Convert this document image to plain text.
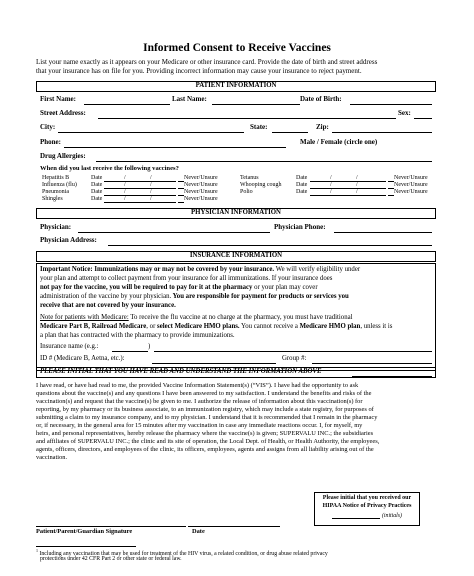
Informed Consent to Receive Vaccines
List your name exactly as it appears on your Medicare or other insurance card. Provide the date of birth and street address
that your insurance has on file for you. Providing incorrect information may cause your insurance to reject payment.
PATIENT INFORMATION
First Name:	Last Name:	Date of Birth:
Street Address:	Sex:
City:	State:	Zip:
Phone:	Male / Female (circle one)
Drug Allergies:
When did you last receive the following vaccines?
Hepatitis B	Date	/	/	Never/Unsure
Influenza (flu) Date	/	/	Never/Unsure
Pneumonia	Date	/	/	Never/Unsure
Shingles	Date	/	/	Never/Unsure
Tetanus	Date	/	/	Never/Unsure
Whooping cough Date	/	/	Never/Unsure
Polio	Date	/	/	Never/Unsure
PHYSICIAN INFORMATION
Physician:	Physician Phone:
Physician Address:
INSURANCE INFORMATION
Important Notice: Immunizations may or may not be covered by your insurance. We will verify eligibility under
your plan and attempt to collect payment from your insurance for all immunizations. If your insurance does
not pay for the vaccine, you will be required to pay for it at the pharmacy or your plan may cover
administration of the vaccine by your physician. You are responsible for payment for products or services you
receive that are not covered by your insurance.
Note for patients with Medicare: To receive the flu vaccine at no charge at the pharmacy, you must have traditional
Medicare Part B, Railroad Medicare, or select Medicare HMO plans. You cannot receive a Medicare HMO plan, unless it is
a plan that has contracted with the pharmacy to provide immunizations.
Insurance name (e.g.:	)
ID # (Medicare B, Aetna, etc.):	Group #:
PLEASE INITIAL THAT YOU HAVE READ AND UNDERSTAND THE INFORMATION ABOVE
I have read, or have had read to me, the provided Vaccine Information Statement(s) (“VIS”). I have had the opportunity to ask
questions about the vaccine(s) and any questions I have been answered to my satisfaction. I understand the benefits and risks of the
vaccination(s) and request that the vaccine(s) be given to me. I authorize the release of information about this vaccination(s) for
reporting, by my pharmacy or its business associate, to an immunization registry, which may include a state registry, for purposes of
submitting a claim to my insurance company, and to my physician. I understand that it is recommended that I remain in the pharmacy
or, if necessary, in the general area for 15 minutes after my vaccination in case any immediate reactions occur. I, for myself, my
heirs, and personal representatives, hereby release the pharmacy where the vaccine(s) is given; SUPERVALU INC.; the subsidiaries
and affiliates of SUPERVALU INC.; the clinic and its site of operation, the Local Dept. of Health, or Health Authority, the employees,
agents, officers, directors, and employees of the clinic, its officers, employees, agents and assigns from all liability arising out of the
vaccination.
Please initial that you received our
HIPAA Notice of Privacy Practices
(initials)
Patient/Parent/Guardian Signature	Date
$^1$ Including any vaccination that may be used for treatment of the HIV virus, a related condition, or drug abuse related privacy
protections under 42 CFR Part 2 or other state or federal law.
